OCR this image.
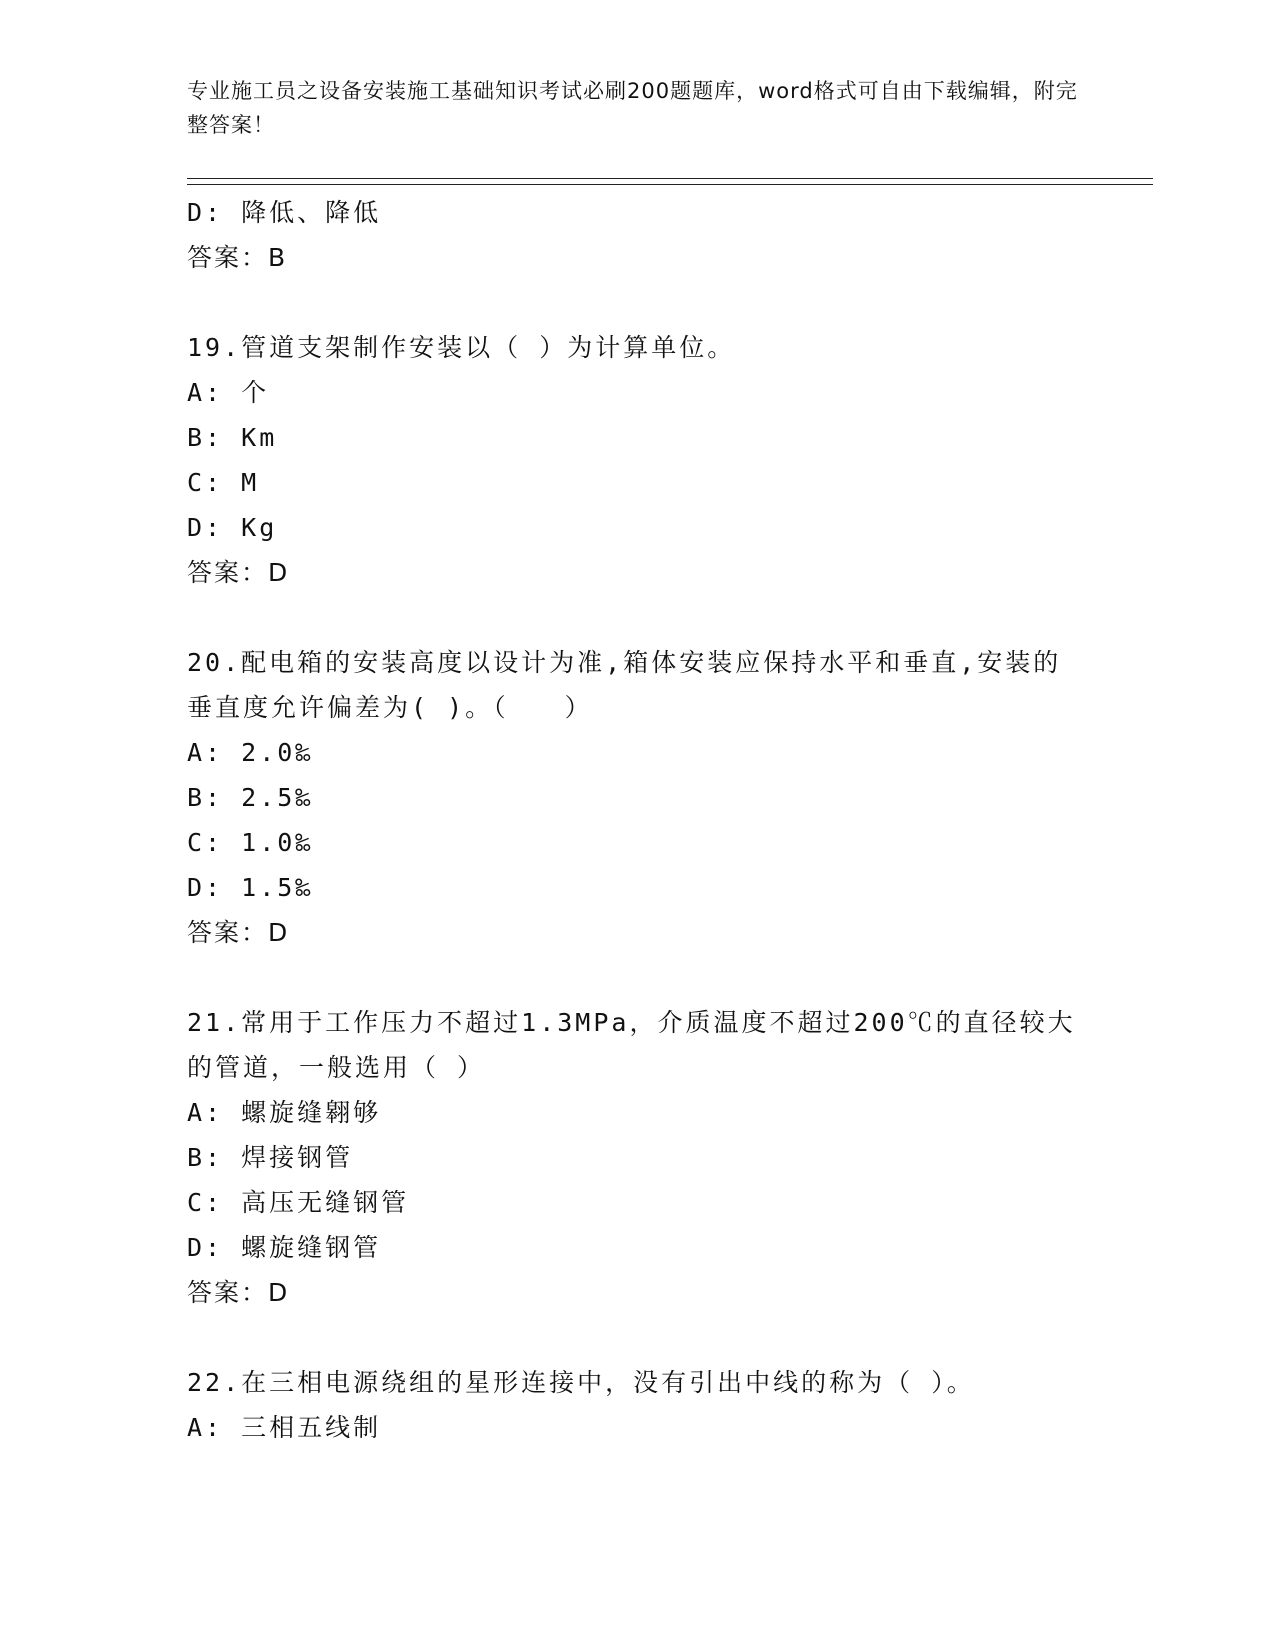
专业施工员之设备安装施工基础知识考试必刷200题题库，word格式可自由下载编辑，附完整答案！
D: 降低、降低
答案：B
19.管道支架制作安装以（ ）为计算单位。
A: 个
B: Km
C: M
D: Kg
答案：D
20.配电箱的安装高度以设计为准,箱体安装应保持水平和垂直,安装的垂直度允许偏差为( )。（　　）
A: 2.0‰
B: 2.5‰
C: 1.0‰
D: 1.5‰
答案：D
21.常用于工作压力不超过1.3MPa，介质温度不超过200℃的直径较大的管道，一般选用（ ）
A: 螺旋缝翱够
B: 焊接钢管
C: 高压无缝钢管
D: 螺旋缝钢管
答案：D
22.在三相电源绕组的星形连接中，没有引出中线的称为（ ）。
A: 三相五线制
